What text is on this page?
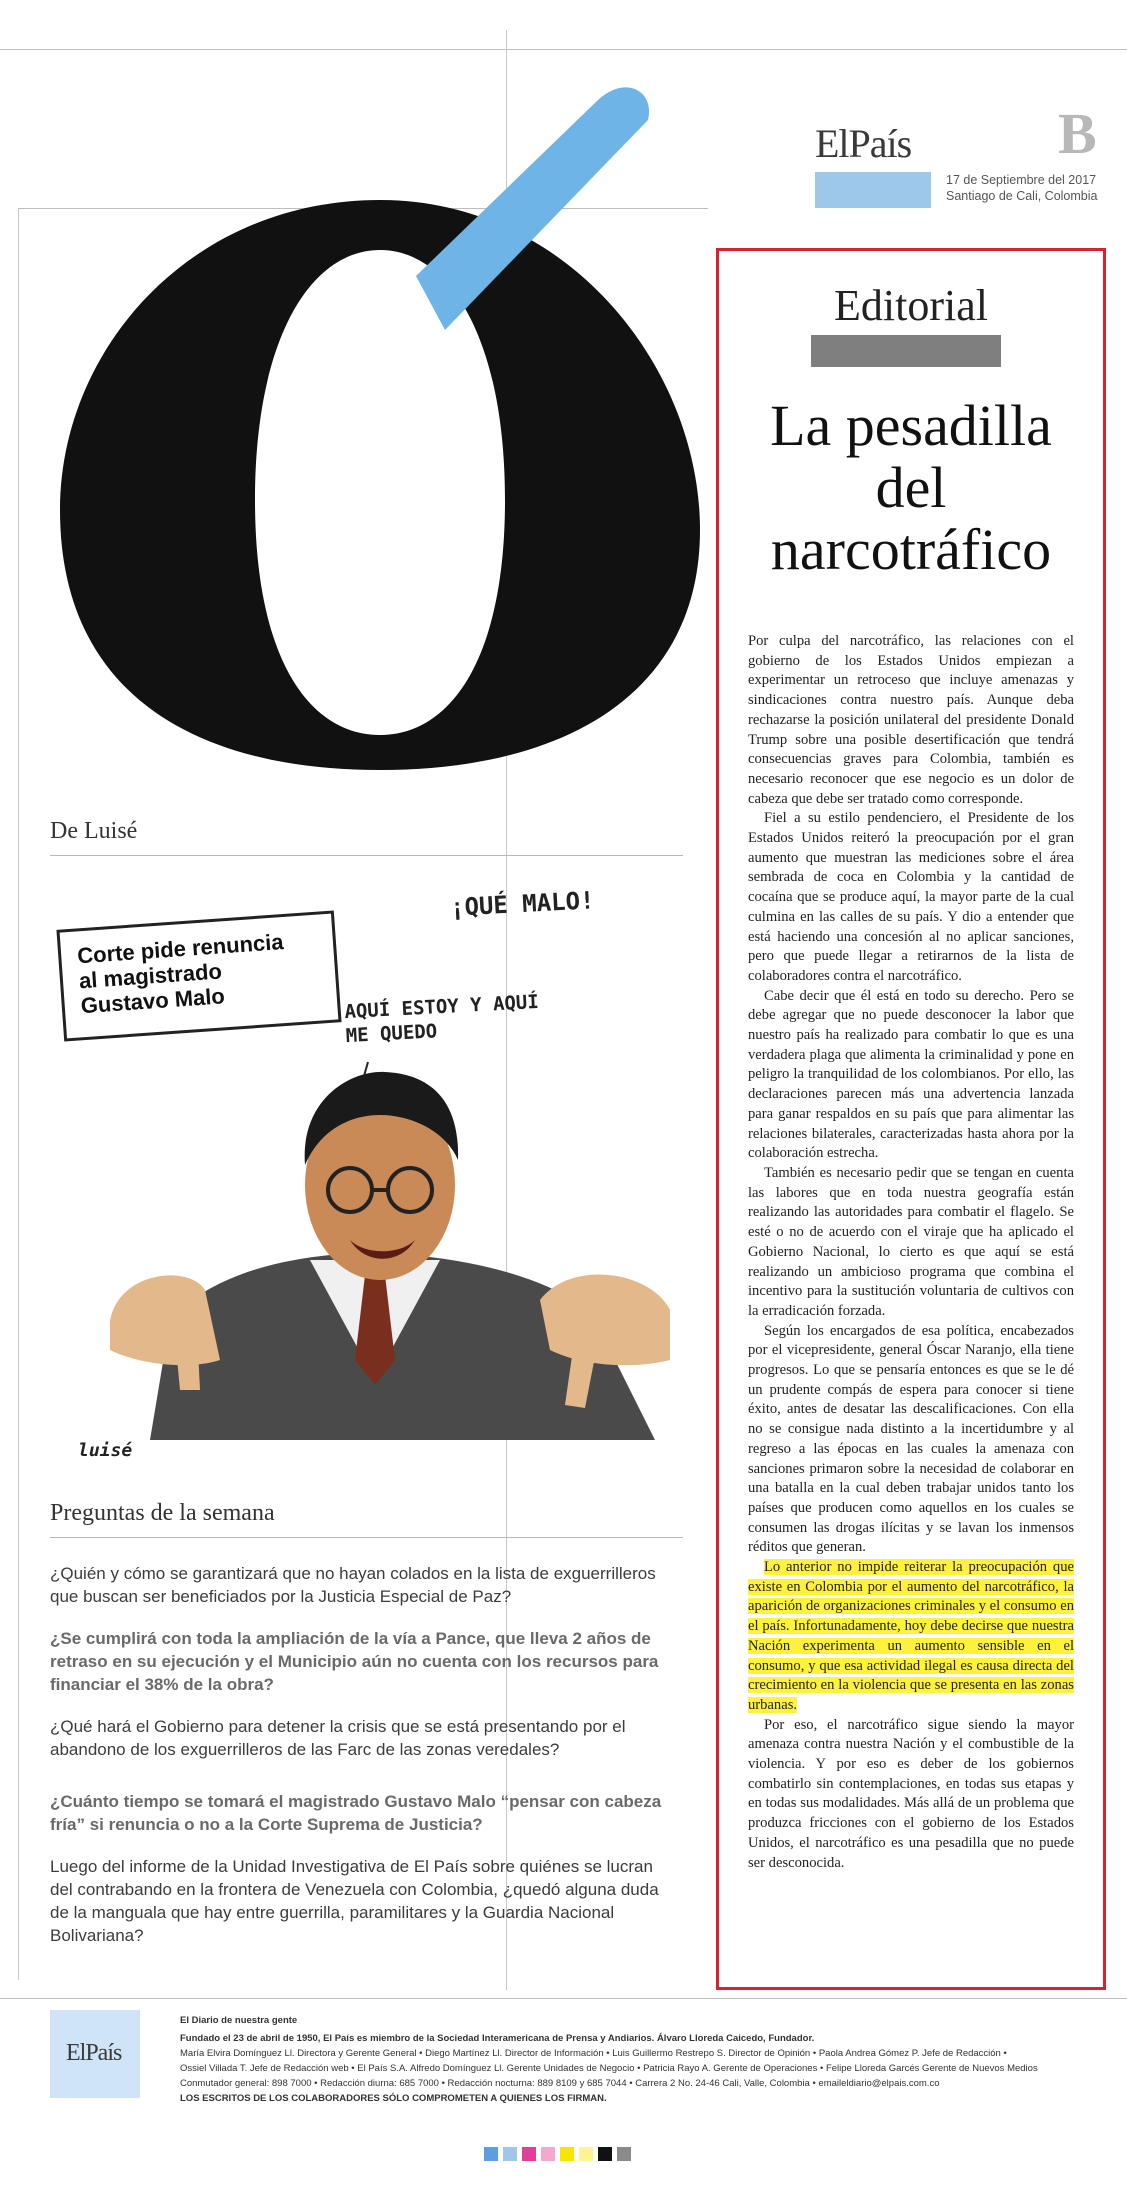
ElPaís	B
17 de Septiembre del 2017
Santiago de Cali, Colombia
Editorial
La pesadilla
del
narcotráfico

Por culpa del narcotráfico, las relaciones con el gobierno de los Estados Unidos empiezan a experimentar un retroceso que incluye amenazas y sindicaciones contra nuestro país. Aunque deba rechazarse la posición unilateral del presidente Donald Trump sobre una posible desertificación que tendrá consecuencias graves para Colombia, también es necesario reconocer que ese negocio es un dolor de cabeza que debe ser tratado como corresponde.

Fiel a su estilo pendenciero, el Presidente de los Estados Unidos reiteró la preocupación por el gran aumento que muestran las mediciones sobre el área sembrada de coca en Colombia y la cantidad de cocaína que se produce aquí, la mayor parte de la cual culmina en las calles de su país. Y dio a entender que está haciendo una concesión al no aplicar sanciones, pero que puede llegar a retirarnos de la lista de colaboradores contra el narcotráfico.

Cabe decir que él está en todo su derecho. Pero se debe agregar que no puede desconocer la labor que nuestro país ha realizado para combatir lo que es una verdadera plaga que alimenta la criminalidad y pone en peligro la tranquilidad de los colombianos. Por ello, las declaraciones parecen más una advertencia lanzada para ganar respaldos en su país que para alimentar las relaciones bilaterales, caracterizadas hasta ahora por la colaboración estrecha.

También es necesario pedir que se tengan en cuenta las labores que en toda nuestra geografía están realizando las autoridades para combatir el flagelo. Se esté o no de acuerdo con el viraje que ha aplicado el Gobierno Nacional, lo cierto es que aquí se está realizando un ambicioso programa que combina el incentivo para la sustitución voluntaria de cultivos con la erradicación forzada.

Según los encargados de esa política, encabezados por el vicepresidente, general Óscar Naranjo, ella tiene progresos. Lo que se pensaría entonces es que se le dé un prudente compás de espera para conocer si tiene éxito, antes de desatar las descalificaciones. Con ella no se consigue nada distinto a la incertidumbre y al regreso a las épocas en las cuales la amenaza con sanciones primaron sobre la necesidad de colaborar en una batalla en la cual deben trabajar unidos tanto los países que producen como aquellos en los cuales se consumen las drogas ilícitas y se lavan los inmensos réditos que generan.

Lo anterior no impide reiterar la preocupación que existe en Colombia por el aumento del narcotráfico, la aparición de organizaciones criminales y el consumo en el país. Infortunadamente, hoy debe decirse que nuestra Nación experimenta un aumento sensible en el consumo, y que esa actividad ilegal es causa directa del crecimiento en la violencia que se presenta en las zonas urbanas.

Por eso, el narcotráfico sigue siendo la mayor amenaza contra nuestra Nación y el combustible de la violencia. Y por eso es deber de los gobiernos combatirlo sin contemplaciones, en todas sus etapas y en todas sus modalidades. Más allá de un problema que produzca fricciones con el gobierno de los Estados Unidos, el narcotráfico es una pesadilla que no puede ser desconocida.

De Luisé
Corte pide renuncia
al magistrado
Gustavo Malo
¡QUÉ MALO!
AQUÍ ESTOY Y AQUÍ
ME QUEDO
luisé
Preguntas de la semana
¿Quién y cómo se garantizará que no hayan colados en la lista de exguerrilleros que buscan ser beneficiados por la Justicia Especial de Paz?
¿Se cumplirá con toda la ampliación de la vía a Pance, que lleva 2 años de retraso en su ejecución y el Municipio aún no cuenta con los recursos para financiar el 38% de la obra?
¿Qué hará el Gobierno para detener la crisis que se está presentando por el abandono de los exguerrilleros de las Farc de las zonas veredales?
¿Cuánto tiempo se tomará el magistrado Gustavo Malo “pensar con cabeza fría” si renuncia o no a la Corte Suprema de Justicia?
Luego del informe de la Unidad Investigativa de El País sobre quiénes se lucran del contrabando en la frontera de Venezuela con Colombia, ¿quedó alguna duda de la manguala que hay entre guerrilla, paramilitares y la Guardia Nacional Bolivariana?
ElPaís
El Diario de nuestra gente
Fundado el 23 de abril de 1950, El País es miembro de la Sociedad Interamericana de Prensa y Andiarios. Álvaro Lloreda Caicedo, Fundador.
María Elvira Domínguez Ll. Directora y Gerente General • Diego Martínez Ll. Director de Información • Luis Guillermo Restrepo S. Director de Opinión • Paola Andrea Gómez P. Jefe de Redacción •
Ossiel Villada T. Jefe de Redacción web • El País S.A. Alfredo Domínguez Ll. Gerente Unidades de Negocio • Patricia Rayo A. Gerente de Operaciones • Felipe Lloreda Garcés Gerente de Nuevos Medios
Conmutador general: 898 7000 • Redacción diurna: 685 7000 • Redacción nocturna: 889 8109 y 685 7044 • Carrera 2 No. 24-46 Cali, Valle, Colombia • emaileldiario@elpais.com.co
LOS ESCRITOS DE LOS COLABORADORES SÓLO COMPROMETEN A QUIENES LOS FIRMAN.
